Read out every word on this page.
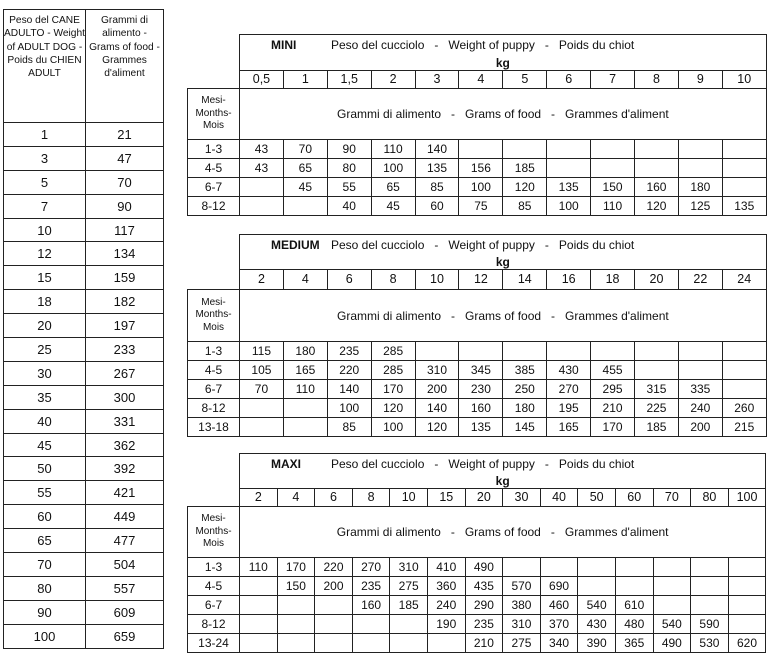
Peso del CANE ADULTO - Weight of ADULT DOG - Poids du CHIEN ADULT	Grammi di alimento - Grams of food - Grammes d'aliment
1	21
3	47
5	70
7	90
10	117
12	134
15	159
18	182
20	197
25	233
30	267
35	300
40	331
45	362
50	392
55	421
60	449
65	477
70	504
80	557
90	609
100	659
	MINI Peso del cucciolo   -   Weight of puppy   -   Poids du chiot											
	kg											
	0,5	1	1,5	2	3	4	5	6	7	8	9	10
Mesi- Months- Mois	Grammi di alimento   -   Grams of food   -   Grammes d'aliment											
1-3	43	70	90	110	140							
4-5	43	65	80	100	135	156	185					
6-7		45	55	65	85	100	120	135	150	160	180	
8-12			40	45	60	75	85	100	110	120	125	135
	MEDIUM Peso del cucciolo   -   Weight of puppy   -   Poids du chiot											
	kg											
	2	4	6	8	10	12	14	16	18	20	22	24
Mesi- Months- Mois	Grammi di alimento   -   Grams of food   -   Grammes d'aliment											
1-3	115	180	235	285								
4-5	105	165	220	285	310	345	385	430	455			
6-7	70	110	140	170	200	230	250	270	295	315	335	
8-12			100	120	140	160	180	195	210	225	240	260
13-18			85	100	120	135	145	165	170	185	200	215
	MAXI Peso del cucciolo   -   Weight of puppy   -   Poids du chiot													
	kg													
	2	4	6	8	10	15	20	30	40	50	60	70	80	100
Mesi- Months- Mois	Grammi di alimento   -   Grams of food   -   Grammes d'aliment													
1-3	110	170	220	270	310	410	490							
4-5		150	200	235	275	360	435	570	690					
6-7				160	185	240	290	380	460	540	610			
8-12						190	235	310	370	430	480	540	590	
13-24							210	275	340	390	365	490	530	620
